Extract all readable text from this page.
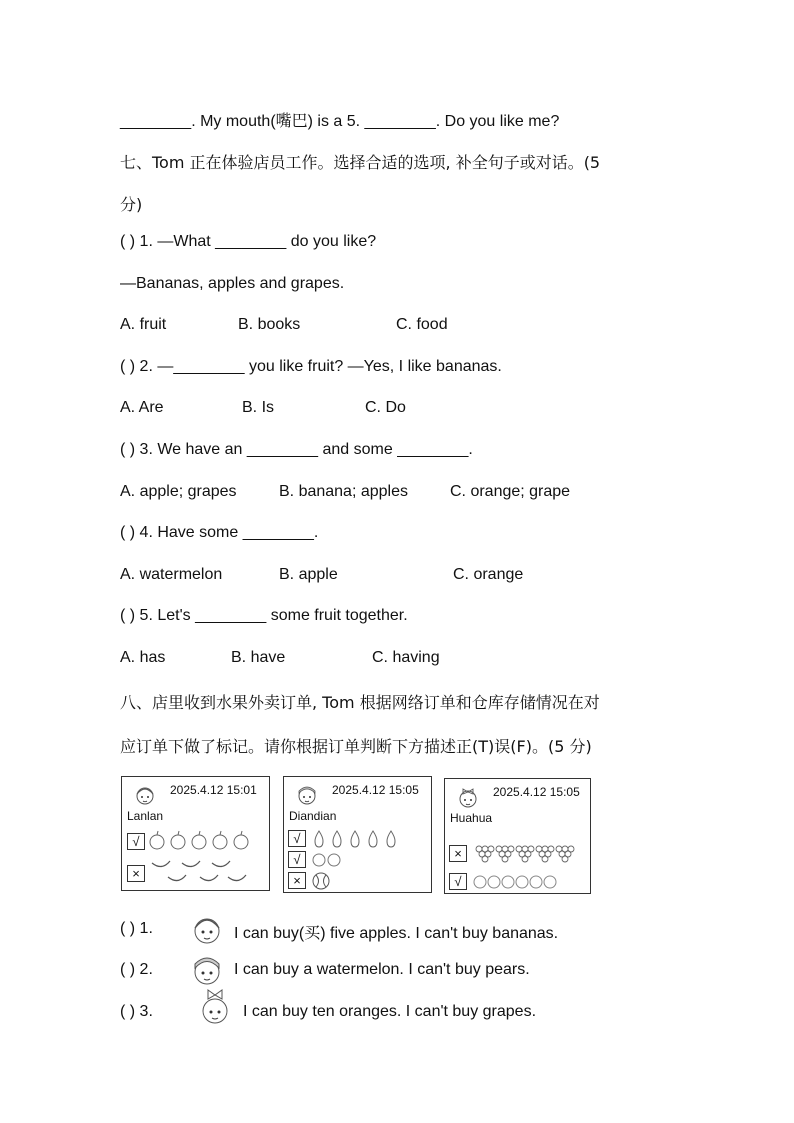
________. My mouth(嘴巴) is a 5. ________. Do you like me?
七、Tom 正在体验店员工作。选择合适的选项, 补全句子或对话。(5
分)
( ) 1. —What ________ do you like?
—Bananas, apples and grapes.
A. fruit	B. books	C. food
( ) 2. —________ you like fruit? —Yes, I like bananas.
A. Are	B. Is	C. Do
( ) 3. We have an ________ and some ________.
A. apple; grapes	B. banana; apples	C. orange; grape
( ) 4. Have some ________.
A. watermelon	B. apple	C. orange
( ) 5. Let's ________ some fruit together.
A. has	B. have	C. having
八、店里收到水果外卖订单, Tom 根据网络订单和仓库存储情况在对
应订单下做了标记。请你根据订单判断下方描述正(T)误(F)。(5 分)
2025.4.12 15:01
Lanlan
√
×
2025.4.12 15:05
Diandian
√
√
×
2025.4.12 15:05
Huahua
×
√
( ) 1.	I can buy(买) five apples. I can't buy bananas.
( ) 2.	I can buy a watermelon. I can't buy pears.
( ) 3.	I can buy ten oranges. I can't buy grapes.
